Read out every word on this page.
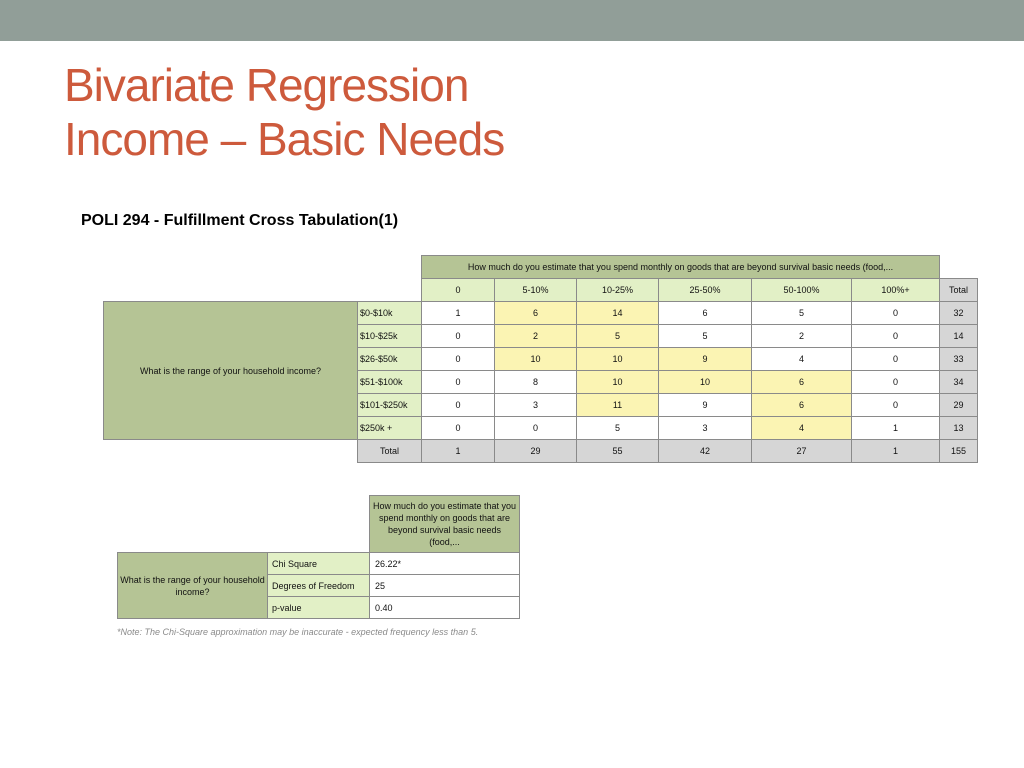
Bivariate Regression
Income – Basic Needs
POLI 294 - Fulfillment Cross Tabulation(1)
		How much do you estimate that you spend monthly on goods that are beyond survival basic needs (food,...						
		0	5-10%	10-25%	25-50%	50-100%	100%+	Total
What is the range of your household income?	$0-$10k	1	6	14	6	5	0	32
	$10-$25k	0	2	5	5	2	0	14
	$26-$50k	0	10	10	9	4	0	33
	$51-$100k	0	8	10	10	6	0	34
	$101-$250k	0	3	11	9	6	0	29
	$250k +	0	0	5	3	4	1	13
	Total	1	29	55	42	27	1	155
		How much do you estimate that you spend monthly on goods that are beyond survival basic needs (food,...
What is the range of your household income?	Chi Square	26.22*
	Degrees of Freedom	25
	p-value	0.40
*Note: The Chi-Square approximation may be inaccurate - expected frequency less than 5.
